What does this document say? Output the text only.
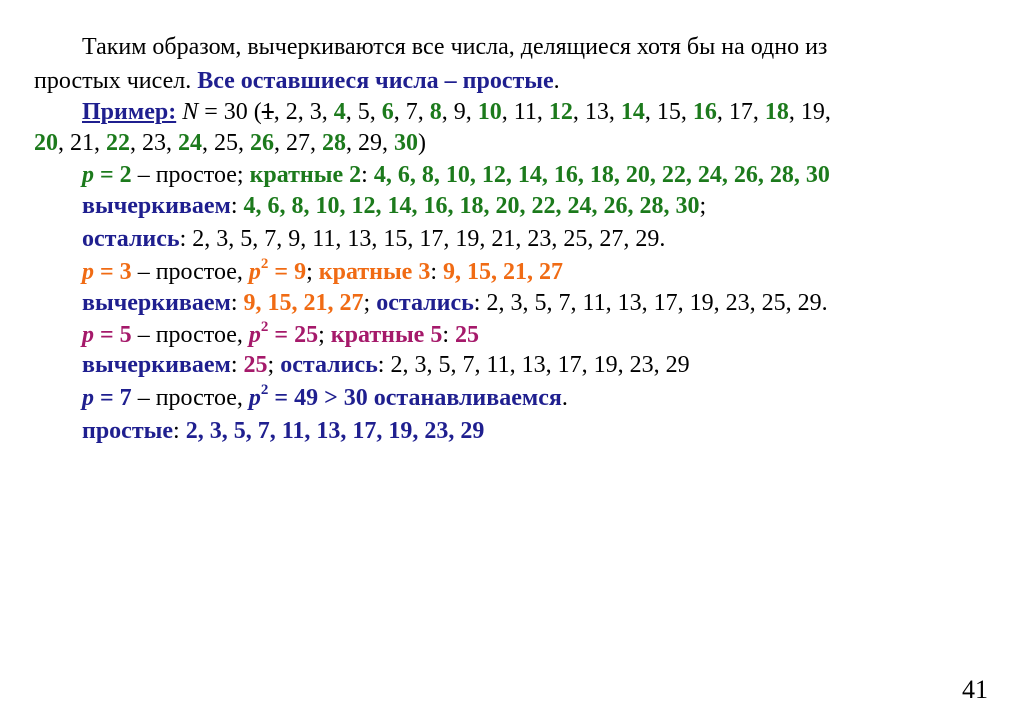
Таким образом, вычеркиваются все числа, делящиеся хотя бы на одно из
простых чисел. Все оставшиеся числа – простые.
Пример: N = 30 (1, 2, 3, 4, 5, 6, 7, 8, 9, 10, 11, 12, 13, 14, 15, 16, 17, 18, 19,
20, 21, 22, 23, 24, 25, 26, 27, 28, 29, 30)
p = 2 – простое; кратные 2: 4, 6, 8, 10, 12, 14, 16, 18, 20, 22, 24, 26, 28, 30
вычеркиваем: 4, 6, 8, 10, 12, 14, 16, 18, 20, 22, 24, 26, 28, 30;
остались: 2, 3, 5, 7, 9, 11, 13, 15, 17, 19, 21, 23, 25, 27, 29.
p = 3 – простое, $p^2 = 9$; кратные 3: 9, 15, 21, 27
вычеркиваем: 9, 15, 21, 27; остались: 2, 3, 5, 7, 11, 13, 17, 19, 23, 25, 29.
p = 5 – простое, $p^2 = 25$; кратные 5: 25
вычеркиваем: 25; остались: 2, 3, 5, 7, 11, 13, 17, 19, 23, 29
p = 7 – простое, $p^2 = 49 > 30$ останавливаемся.
простые: 2, 3, 5, 7, 11, 13, 17, 19, 23, 29
41
